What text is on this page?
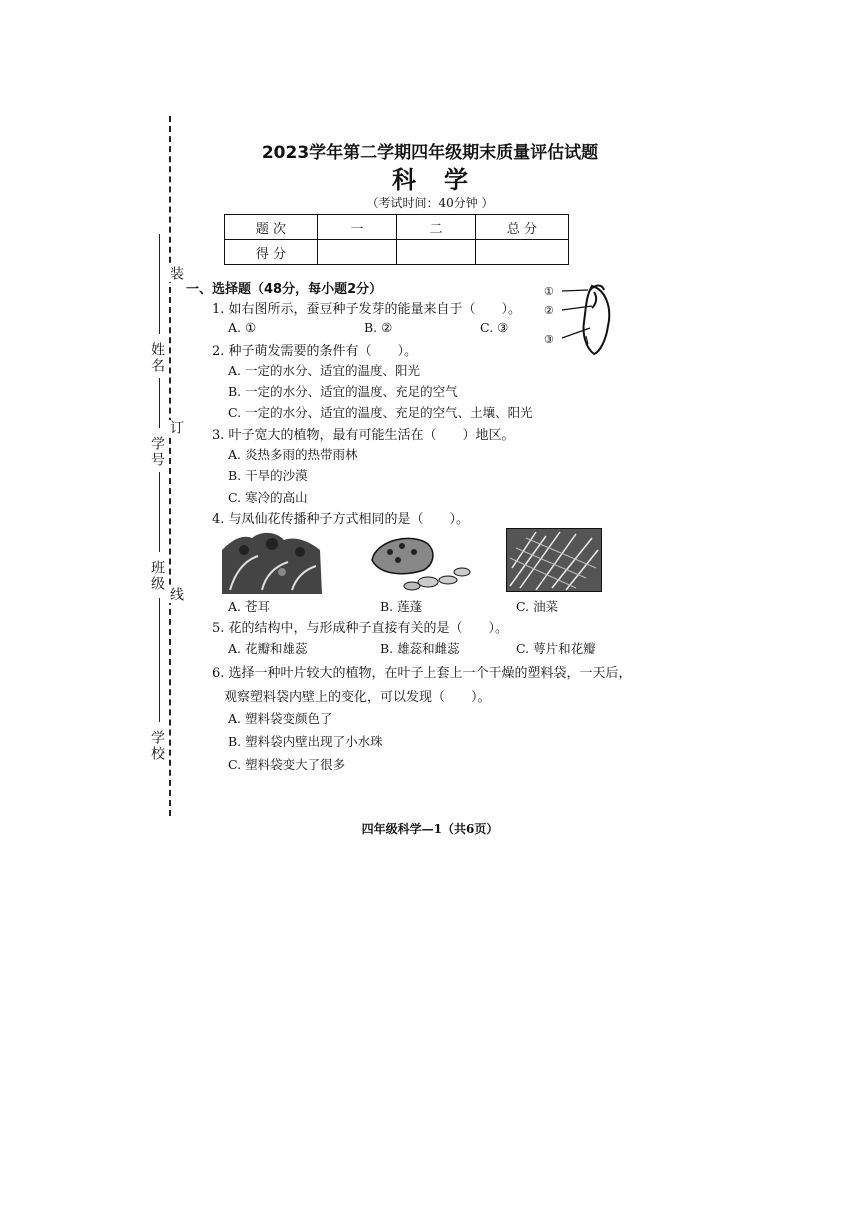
装
订
线
姓名
学号
班级
学校
2023学年第二学期四年级期末质量评估试题
科学
（考试时间：40分钟 ）
题 次	一	二	总 分
得 分			
一、选择题（48分，每小题2分）
1. 如右图所示，蚕豆种子发芽的能量来自于（　　）。
A. ①	B. ②	C. ③
①
②
③
2. 种子萌发需要的条件有（　　）。
A. 一定的水分、适宜的温度、阳光
B. 一定的水分、适宜的温度、充足的空气
C. 一定的水分、适宜的温度、充足的空气、土壤、阳光
3. 叶子宽大的植物，最有可能生活在（　　）地区。
A. 炎热多雨的热带雨林
B. 干旱的沙漠
C. 寒冷的高山
4. 与凤仙花传播种子方式相同的是（　　）。
A. 苍耳	B. 莲蓬	C. 油菜
5. 花的结构中，与形成种子直接有关的是（　　）。
A. 花瓣和雄蕊	B. 雄蕊和雌蕊	C. 萼片和花瓣
6. 选择一种叶片较大的植物，在叶子上套上一个干燥的塑料袋，一天后，
观察塑料袋内壁上的变化，可以发现（　　）。
A. 塑料袋变颜色了
B. 塑料袋内壁出现了小水珠
C. 塑料袋变大了很多
四年级科学—1（共6页）
